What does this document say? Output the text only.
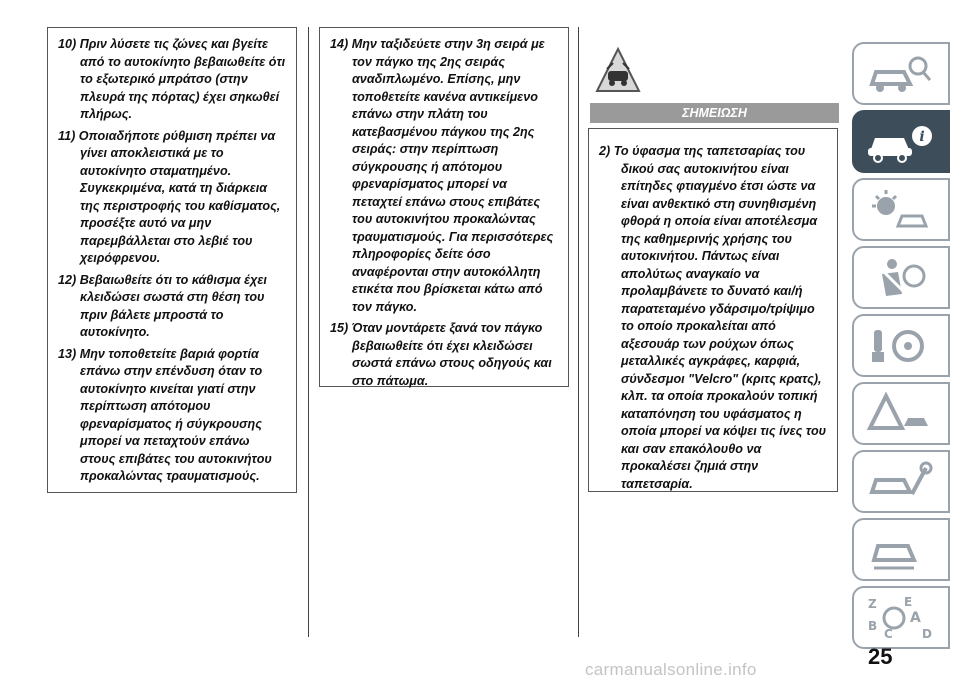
10) Πριν λύσετε τις ζώνες και βγείτε από το αυτοκίνητο βεβαιωθείτε ότι το εξωτερικό μπράτσο (στην πλευρά της πόρτας) έχει σηκωθεί πλήρως.

11) Οποιαδήποτε ρύθμιση πρέπει να γίνει αποκλειστικά με το αυτοκίνητο σταματημένο. Συγκεκριμένα, κατά τη διάρκεια της περιστροφής του καθίσματος, προσέξτε αυτό να μην παρεμβάλλεται στο λεβιέ του χειρόφρενου.

12) Βεβαιωθείτε ότι το κάθισμα έχει κλειδώσει σωστά στη θέση του πριν βάλετε μπροστά το αυτοκίνητο.

13) Μην τοποθετείτε βαριά φορτία επάνω στην επένδυση όταν το αυτοκίνητο κινείται γιατί στην περίπτωση απότομου φρεναρίσματος ή σύγκρουσης μπορεί να πεταχτούν επάνω στους επιβάτες του αυτοκινήτου προκαλώντας τραυματισμούς.

14) Μην ταξιδεύετε στην 3η σειρά με τον πάγκο της 2ης σειράς αναδιπλωμένο. Επίσης, μην τοποθετείτε κανένα αντικείμενο επάνω στην πλάτη του κατεβασμένου πάγκου της 2ης σειράς: στην περίπτωση σύγκρουσης ή απότομου φρεναρίσματος μπορεί να πεταχτεί επάνω στους επιβάτες του αυτοκινήτου προκαλώντας τραυματισμούς. Για περισσότερες πληροφορίες δείτε όσο αναφέρονται στην αυτοκόλλητη ετικέτα που βρίσκεται κάτω από τον πάγκο.

15) Όταν μοντάρετε ξανά τον πάγκο βεβαιωθείτε ότι έχει κλειδώσει σωστά επάνω στους οδηγούς και στο πάτωμα.

ΣΗΜΕΙΩΣΗ

2) Το ύφασμα της ταπετσαρίας του δικού σας αυτοκινήτου είναι επίτηδες φτιαγμένο έτσι ώστε να είναι ανθεκτικό στη συνηθισμένη φθορά η οποία είναι αποτέλεσμα της καθημερινής χρήσης του αυτοκινήτου. Πάντως είναι απολύτως αναγκαίο να προλαμβάνετε το δυνατό και/ή παρατεταμένο γδάρσιμο/τρίψιμο το οποίο προκαλείται από αξεσουάρ των ρούχων όπως μεταλλικές αγκράφες, καρφιά, σύνδεσμοι "Velcro" (κριτς κρατς), κλπ. τα οποία προκαλούν τοπική καταπόνηση του υφάσματος η οποία μπορεί να κόψει τις ίνες του και σαν επακόλουθο να προκαλέσει ζημιά στην ταπετσαρία.

i
Z E
A
B
C D
25
carmanualsonline.info
